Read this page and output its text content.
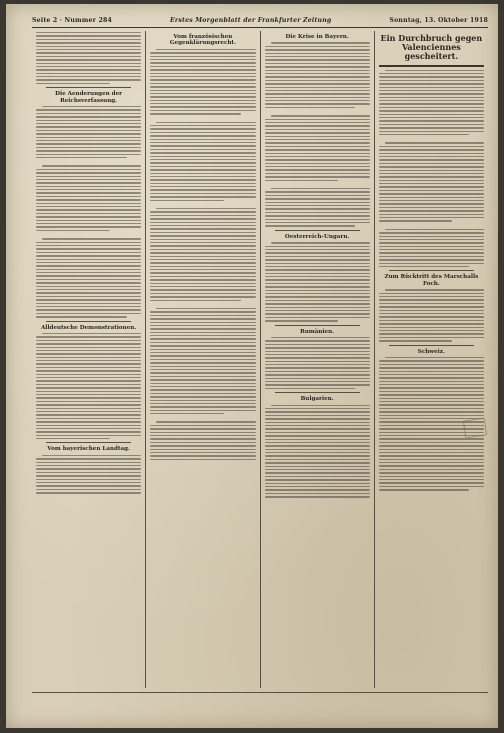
Seite 2 · Nummer 284	Erstes Morgenblatt der Frankfurter Zeitung	Sonntag, 13. Oktober 1918
Die Aenderungen der Reichsverfassung.
Alldeutsche Demonstrationen.
Vom bayerischen Landtag.
Vom französischen Gegenklärungsrecht.
Die Krise in Bayern.
Oesterreich-Ungarn.
Rumänien.
Bulgarien.
Ein Durchbruch gegen Valenciennes gescheitert.
Zum Rücktritt des Marschalls Foch.
Schweiz.
